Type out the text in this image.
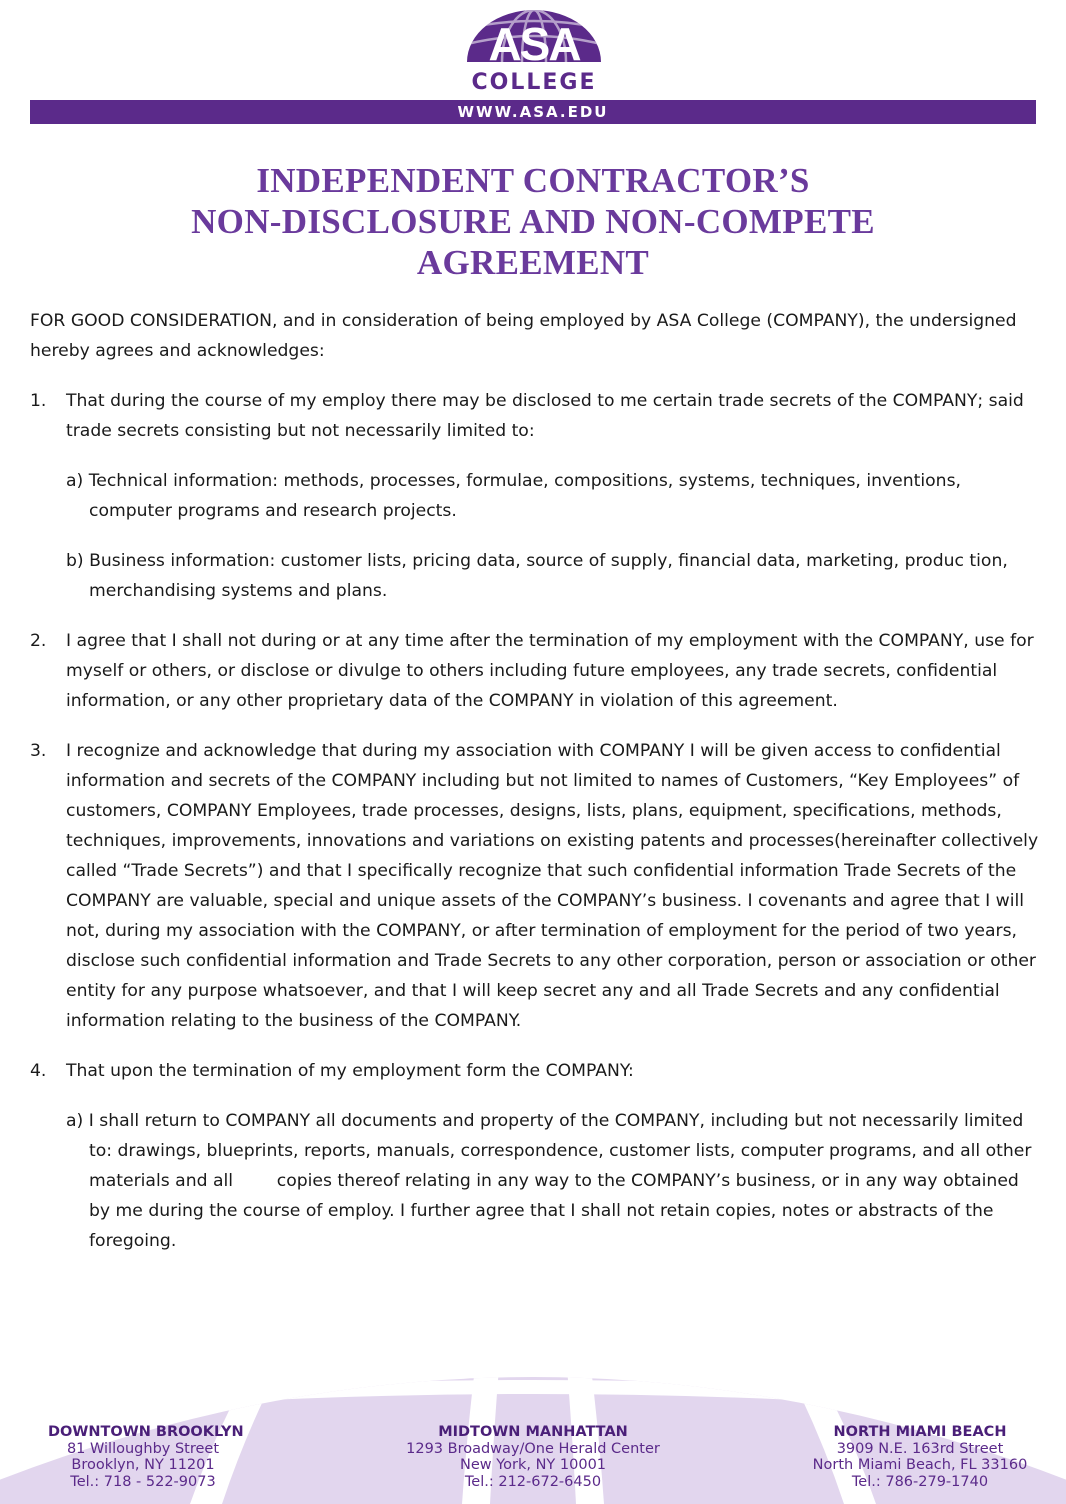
ASA
COLLEGE
WWW.ASA.EDU
INDEPENDENT CONTRACTOR’S
NON-DISCLOSURE AND NON-COMPETE
AGREEMENT

FOR GOOD CONSIDERATION, and in consideration of being employed by ASA College (COMPANY), the undersigned hereby agrees and acknowledges:

1.	That during the course of my employ there may be disclosed to me certain trade secrets of the COMPANY; said trade secrets consisting but not necessarily limited to:

a) Technical information: methods, processes, formulae, compositions, systems, techniques, inventions, computer programs and research projects.

b) Business information: customer lists, pricing data, source of supply, financial data, marketing, produc tion, merchandising systems and plans.

2.	I agree that I shall not during or at any time after the termination of my employment with the COMPANY, use for myself or others, or disclose or divulge to others including future employees, any trade secrets, confidential information, or any other proprietary data of the COMPANY in violation of this agreement.
3.	I recognize and acknowledge that during my association with COMPANY I will be given access to confidential information and secrets of the COMPANY including but not limited to names of Customers, “Key Employees” of customers, COMPANY Employees, trade processes, designs, lists, plans, equipment, specifications, methods, techniques, improvements, innovations and variations on existing patents and processes(hereinafter collectively called “Trade Secrets”) and that I specifically recognize that such confidential information Trade Secrets of the COMPANY are valuable, special and unique assets of the COMPANY’s business. I covenants and agree that I will not, during my association with the COMPANY, or after termination of employment for the period of two years, disclose such confidential information and Trade Secrets to any other corporation, person or association or other entity for any purpose whatsoever, and that I will keep secret any and all Trade Secrets and any confidential information relating to the business of the COMPANY.
4.	That upon the termination of my employment form the COMPANY:

a) I shall return to COMPANY all documents and property of the COMPANY, including but not necessarily limited to: drawings, blueprints, reports, manuals, correspondence, customer lists, computer programs, and all other materials and all        copies thereof relating in any way to the COMPANY’s business, or in any way obtained by me during the course of employ. I further agree that I shall not retain copies, notes or abstracts of the foregoing.

DOWNTOWN BROOKLYN
81 Willoughby Street
Brooklyn, NY 11201
Tel.: 718 - 522-9073
MIDTOWN MANHATTAN
1293 Broadway/One Herald Center
New York, NY 10001
Tel.: 212-672-6450
NORTH MIAMI BEACH
3909 N.E. 163rd Street
North Miami Beach, FL 33160
Tel.: 786-279-1740
